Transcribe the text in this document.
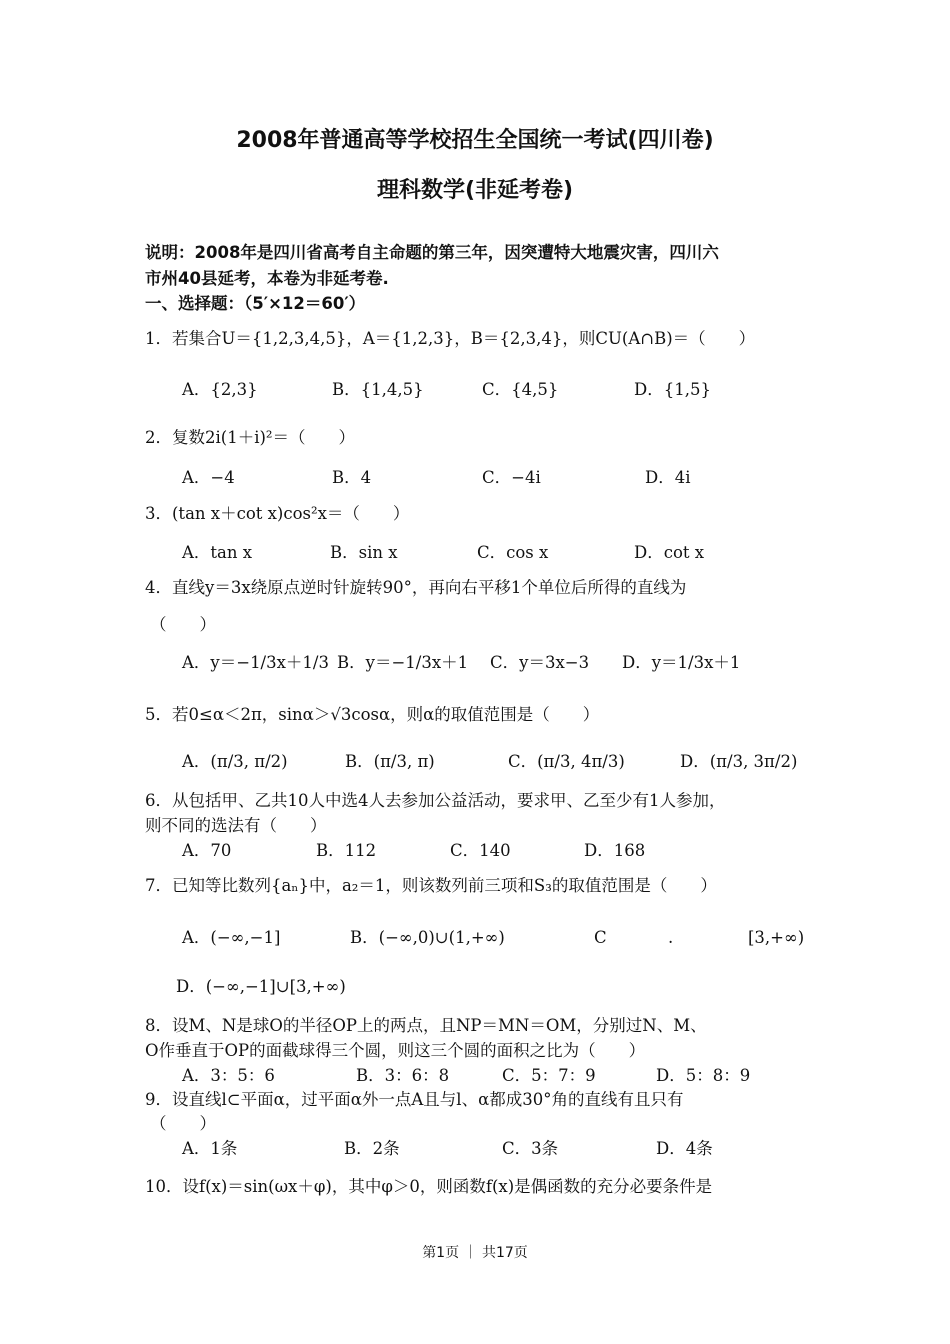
2008年普通高等学校招生全国统一考试(四川卷)
理科数学(非延考卷)
说明：2008年是四川省高考自主命题的第三年，因突遭特大地震灾害，四川六
市州40县延考，本卷为非延考卷.
一、选择题：（5′×12＝60′）
1．若集合U＝{1,2,3,4,5}，A＝{1,2,3}，B＝{2,3,4}，则CU(A∩B)＝（　　）
A．{2,3}	B．{1,4,5}	C．{4,5}	D．{1,5}
2．复数2i(1＋i)²＝（　　）
A．−4	B．4	C．−4i	D．4i
3．(tan x＋cot x)cos²x＝（　　）
A．tan x	B．sin x	C．cos x	D．cot x
4．直线y＝3x绕原点逆时针旋转90°，再向右平移1个单位后所得的直线为
（　　）
A．y＝−1/3x＋1/3 B．y＝−1/3x＋1 C．y＝3x−3 D．y＝1/3x＋1
5．若0≤α＜2π，sinα＞√3cosα，则α的取值范围是（　　）
A．(π/3, π/2)	B．(π/3, π)	C．(π/3, 4π/3)	D．(π/3, 3π/2)
6．从包括甲、乙共10人中选4人去参加公益活动，要求甲、乙至少有1人参加，
则不同的选法有（　　）
A．70	B．112	C．140	D．168
7．已知等比数列{aₙ}中，a₂＝1，则该数列前三项和S₃的取值范围是（　　）
A．(−∞,−1]	B．(−∞,0)∪(1,+∞)	C	.	[3,+∞)
D．(−∞,−1]∪[3,+∞)
8．设M、N是球O的半径OP上的两点，且NP＝MN＝OM，分别过N、M、
O作垂直于OP的面截球得三个圆，则这三个圆的面积之比为（　　）
A．3：5：6	B．3：6：8	C．5：7：9	D．5：8：9
9．设直线l⊂平面α，过平面α外一点A且与l、α都成30°角的直线有且只有
（　　）
A．1条	B．2条	C．3条	D．4条
10．设f(x)＝sin(ωx＋φ)，其中φ＞0，则函数f(x)是偶函数的充分必要条件是
第1页 ｜ 共17页
